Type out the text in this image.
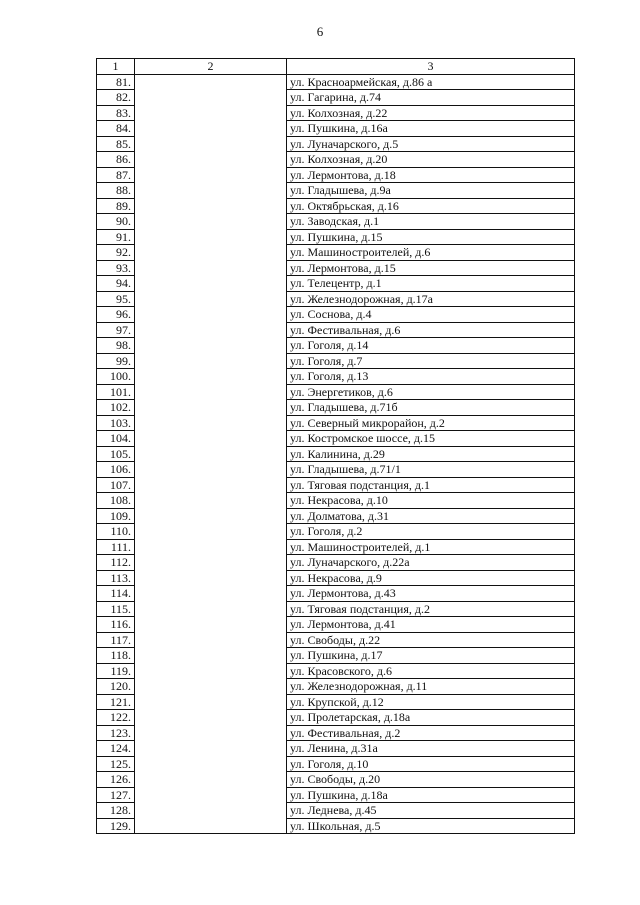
6
1	2	3
81.		ул. Красноармейская, д.86 а
82.		ул. Гагарина, д.74
83.		ул. Колхозная, д.22
84.		ул. Пушкина, д.16а
85.		ул. Луначарского, д.5
86.		ул. Колхозная, д.20
87.		ул. Лермонтова, д.18
88.		ул. Гладышева, д.9а
89.		ул. Октябрьская, д.16
90.		ул. Заводская, д.1
91.		ул. Пушкина, д.15
92.		ул. Машиностроителей, д.6
93.		ул. Лермонтова, д.15
94.		ул. Телецентр, д.1
95.		ул. Железнодорожная, д.17а
96.		ул. Соснова, д.4
97.		ул. Фестивальная, д.6
98.		ул. Гоголя, д.14
99.		ул. Гоголя, д.7
100.		ул. Гоголя, д.13
101.		ул. Энергетиков, д.6
102.		ул. Гладышева, д.71б
103.		ул. Северный микрорайон, д.2
104.		ул. Костромское шоссе, д.15
105.		ул. Калинина, д.29
106.		ул. Гладышева, д.71/1
107.		ул. Тяговая подстанция, д.1
108.		ул. Некрасова, д.10
109.		ул. Долматова, д.31
110.		ул. Гоголя, д.2
111.		ул. Машиностроителей, д.1
112.		ул. Луначарского, д.22а
113.		ул. Некрасова, д.9
114.		ул. Лермонтова, д.43
115.		ул. Тяговая подстанция, д.2
116.		ул. Лермонтова, д.41
117.		ул. Свободы, д.22
118.		ул. Пушкина, д.17
119.		ул. Красовского, д.6
120.		ул. Железнодорожная, д.11
121.		ул. Крупской, д.12
122.		ул. Пролетарская, д.18а
123.		ул. Фестивальная, д.2
124.		ул. Ленина, д.31а
125.		ул. Гоголя, д.10
126.		ул. Свободы, д.20
127.		ул. Пушкина, д.18а
128.		ул. Леднева, д.45
129.		ул. Школьная, д.5
